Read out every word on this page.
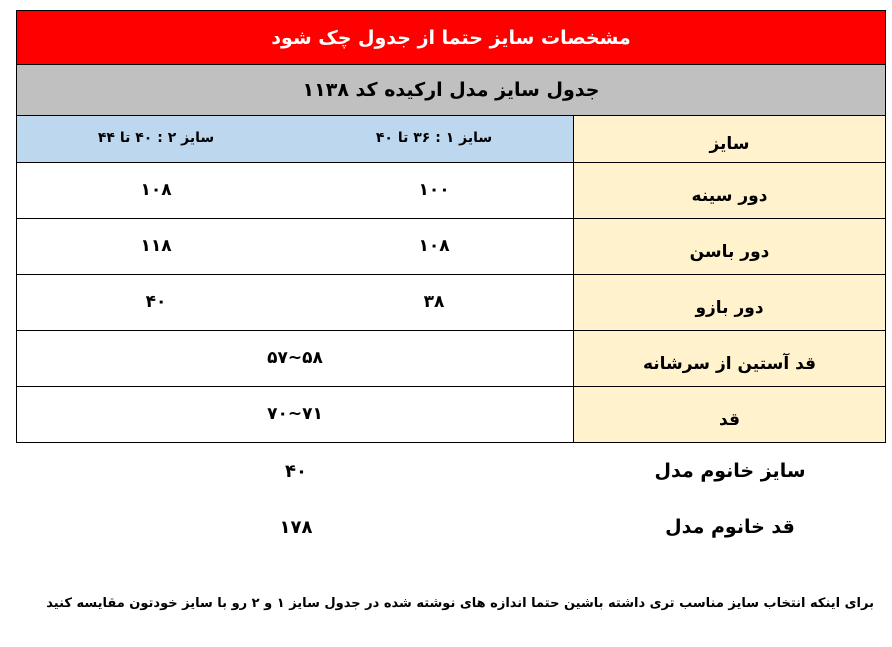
مشخصات سایز حتما از جدول چک شود
جدول سایز مدل ارکیده کد ۱۱۳۸
سایز
سایز ۱ : ۳۶ تا ۴۰
سایز ۲ : ۴۰ تا ۴۴
دور سینه
۱۰۰
۱۰۸
دور باسن
۱۰۸
۱۱۸
دور بازو
۳۸
۴۰
قد آستین از سرشانه
۵۸~۵۷
قد
۷۱~۷۰
سایز خانوم مدل
۴۰
قد خانوم مدل
۱۷۸
برای اینکه انتخاب سایز مناسب تری داشته باشین حتما اندازه های نوشته شده در جدول سایز ۱ و ۲ رو با سایز خودتون مقایسه کنید
